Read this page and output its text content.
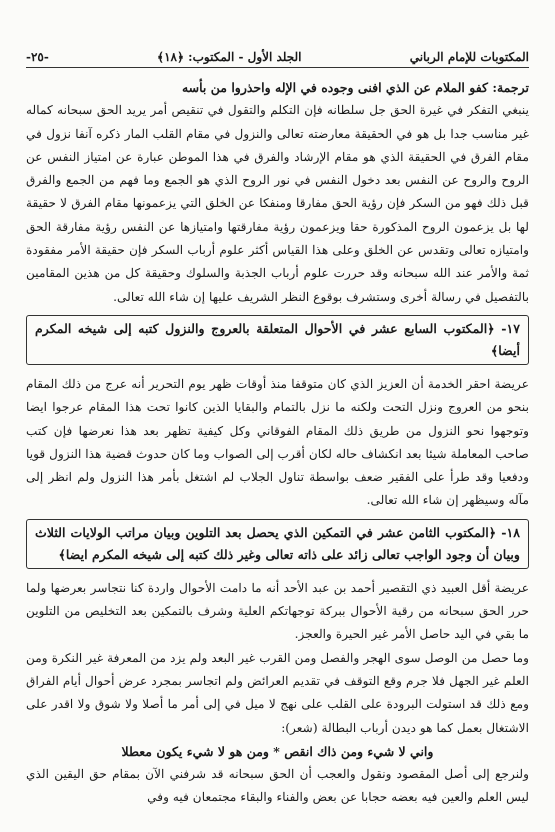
المكتوبات للإمام الرباني
الجلد الأول - المكتوب: ﴿١٨﴾
-٢٥-

ترجمة: كفو الملام عن الذي افنى وجوده في الإله واحذروا من بأسه

ينبغي التفكر في غيرة الحق جل سلطانه فإن التكلم والتقول في تنقيص أمر يريد الحق سبحانه كماله غير مناسب جدا بل هو في الحقيقة معارضته تعالى والنزول في مقام القلب المار ذكره آنفا نزول في مقام الفرق في الحقيقة الذي هو مقام الإرشاد والفرق في هذا الموطن عبارة عن امتياز النفس عن الروح والروح عن النفس بعد دخول النفس في نور الروح الذي هو الجمع وما فهم من الجمع والفرق قبل ذلك فهو من السكر فإن رؤية الحق مفارقا ومنفكا عن الخلق التي يزعمونها مقام الفرق لا حقيقة لها بل يزعمون الروح المذكورة حقا ويزعمون رؤية مفارقتها وامتيازها عن النفس رؤية مفارقة الحق وامتيازه تعالى وتقدس عن الخلق وعلى هذا القياس أكثر علوم أرباب السكر فإن حقيقة الأمر مفقودة ثمة والأمر عند الله سبحانه وقد حررت علوم أرباب الجذبة والسلوك وحقيقة كل من هذين المقامين بالتفصيل في رسالة أخرى وستشرف بوقوع النظر الشريف عليها إن شاء الله تعالى.

١٧- ﴿المكتوب السابع عشر في الأحوال المتعلقة بالعروج والنزول كتبه إلى شيخه المكرم أيضا﴾

عريضة احقر الخدمة أن العزيز الذي كان متوقفا منذ أوقات ظهر يوم التحرير أنه عرج من ذلك المقام بنحو من العروج ونزل التحت ولكنه ما نزل بالتمام والبقايا الذين كانوا تحت هذا المقام عرجوا ايضا وتوجهوا نحو النزول من طريق ذلك المقام الفوقاني وكل كيفية تظهر بعد هذا نعرضها فإن كتب صاحب المعاملة شيئا بعد انكشاف حاله لكان أقرب إلى الصواب وما كان حدوث قضية هذا النزول قويا ودفعيا وقد طرأ على الفقير ضعف بواسطة تناول الجلاب لم اشتغل بأمر هذا النزول ولم انظر إلى مآله وسيظهر إن شاء الله تعالى.

١٨- ﴿المكتوب الثامن عشر في التمكين الذي يحصل بعد التلوين وبيان مراتب الولايات الثلاث وبيان أن وجود الواجب تعالى زائد على ذاته تعالى وغير ذلك كتبه إلى شيخه المكرم ايضا﴾

عريضة أقل العبيد ذي التقصير أحمد بن عبد الأحد أنه ما دامت الأحوال واردة كنا نتجاسر بعرضها ولما حرر الحق سبحانه من رقية الأحوال ببركة توجهاتكم العلية وشرف بالتمكين بعد التخليص من التلوين ما بقي في اليد حاصل الأمر غير الحيرة والعجز.

وما حصل من الوصل سوى الهجر والفصل ومن القرب غير البعد ولم يزد من المعرفة غير النكرة ومن العلم غير الجهل فلا جرم وقع التوقف في تقديم العرائض ولم اتجاسر بمجرد عرض أحوال أيام الفراق ومع ذلك قد استولت البرودة على القلب على نهج لا ميل في إلى أمر ما أصلا ولا شوق ولا اقدر على الاشتغال بعمل كما هو ديدن أرباب البطالة (شعر):

واني لا شيء ومن ذاك انقص * ومن هو لا شيء يكون معطلا

ولنرجع إلى أصل المقصود ونقول والعجب أن الحق سبحانه قد شرفني الآن بمقام حق اليقين الذي ليس العلم والعين فيه بعضه حجابا عن بعض والفناء والبقاء مجتمعان فيه وفي
